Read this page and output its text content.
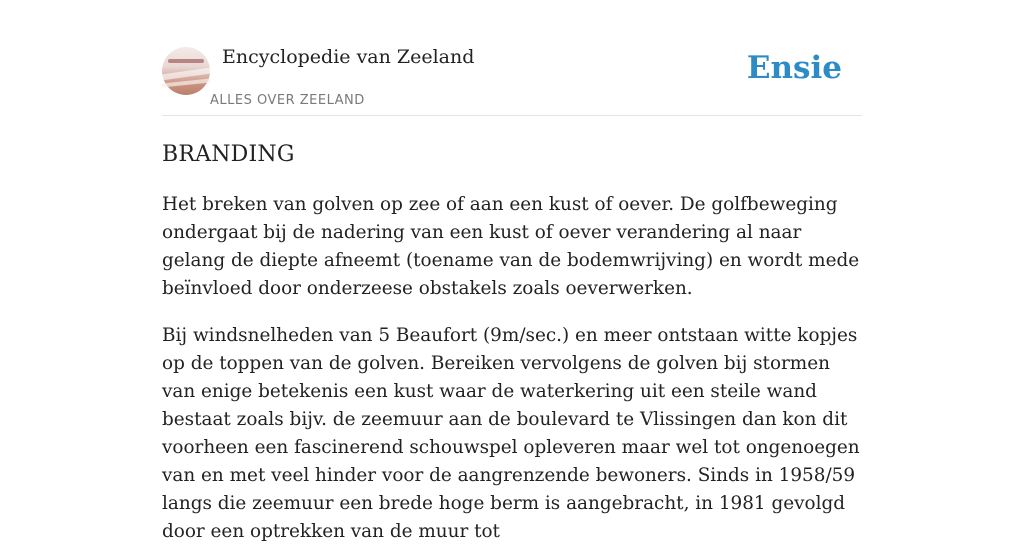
Encyclopedie van Zeeland
ALLES OVER ZEELAND
Ensie
BRANDING

Het breken van golven op zee of aan een kust of oever. De golfbeweging ondergaat bij de nadering van een kust of oever verandering al naar gelang de diepte afneemt (toename van de bodemwrijving) en wordt mede beïnvloed door onderzeese obstakels zoals oeverwerken.

Bij windsnelheden van 5 Beaufort (9m/sec.) en meer ontstaan witte kopjes op de toppen van de golven. Bereiken vervolgens de golven bij stormen van enige betekenis een kust waar de waterkering uit een steile wand bestaat zoals bijv. de zeemuur aan de boulevard te Vlissingen dan kon dit voorheen een fascinerend schouwspel opleveren maar wel tot ongenoegen van en met veel hinder voor de aangrenzende bewoners. Sinds in 1958/59 langs die zeemuur een brede hoge berm is aangebracht, in 1981 gevolgd door een optrekken van de muur tot
